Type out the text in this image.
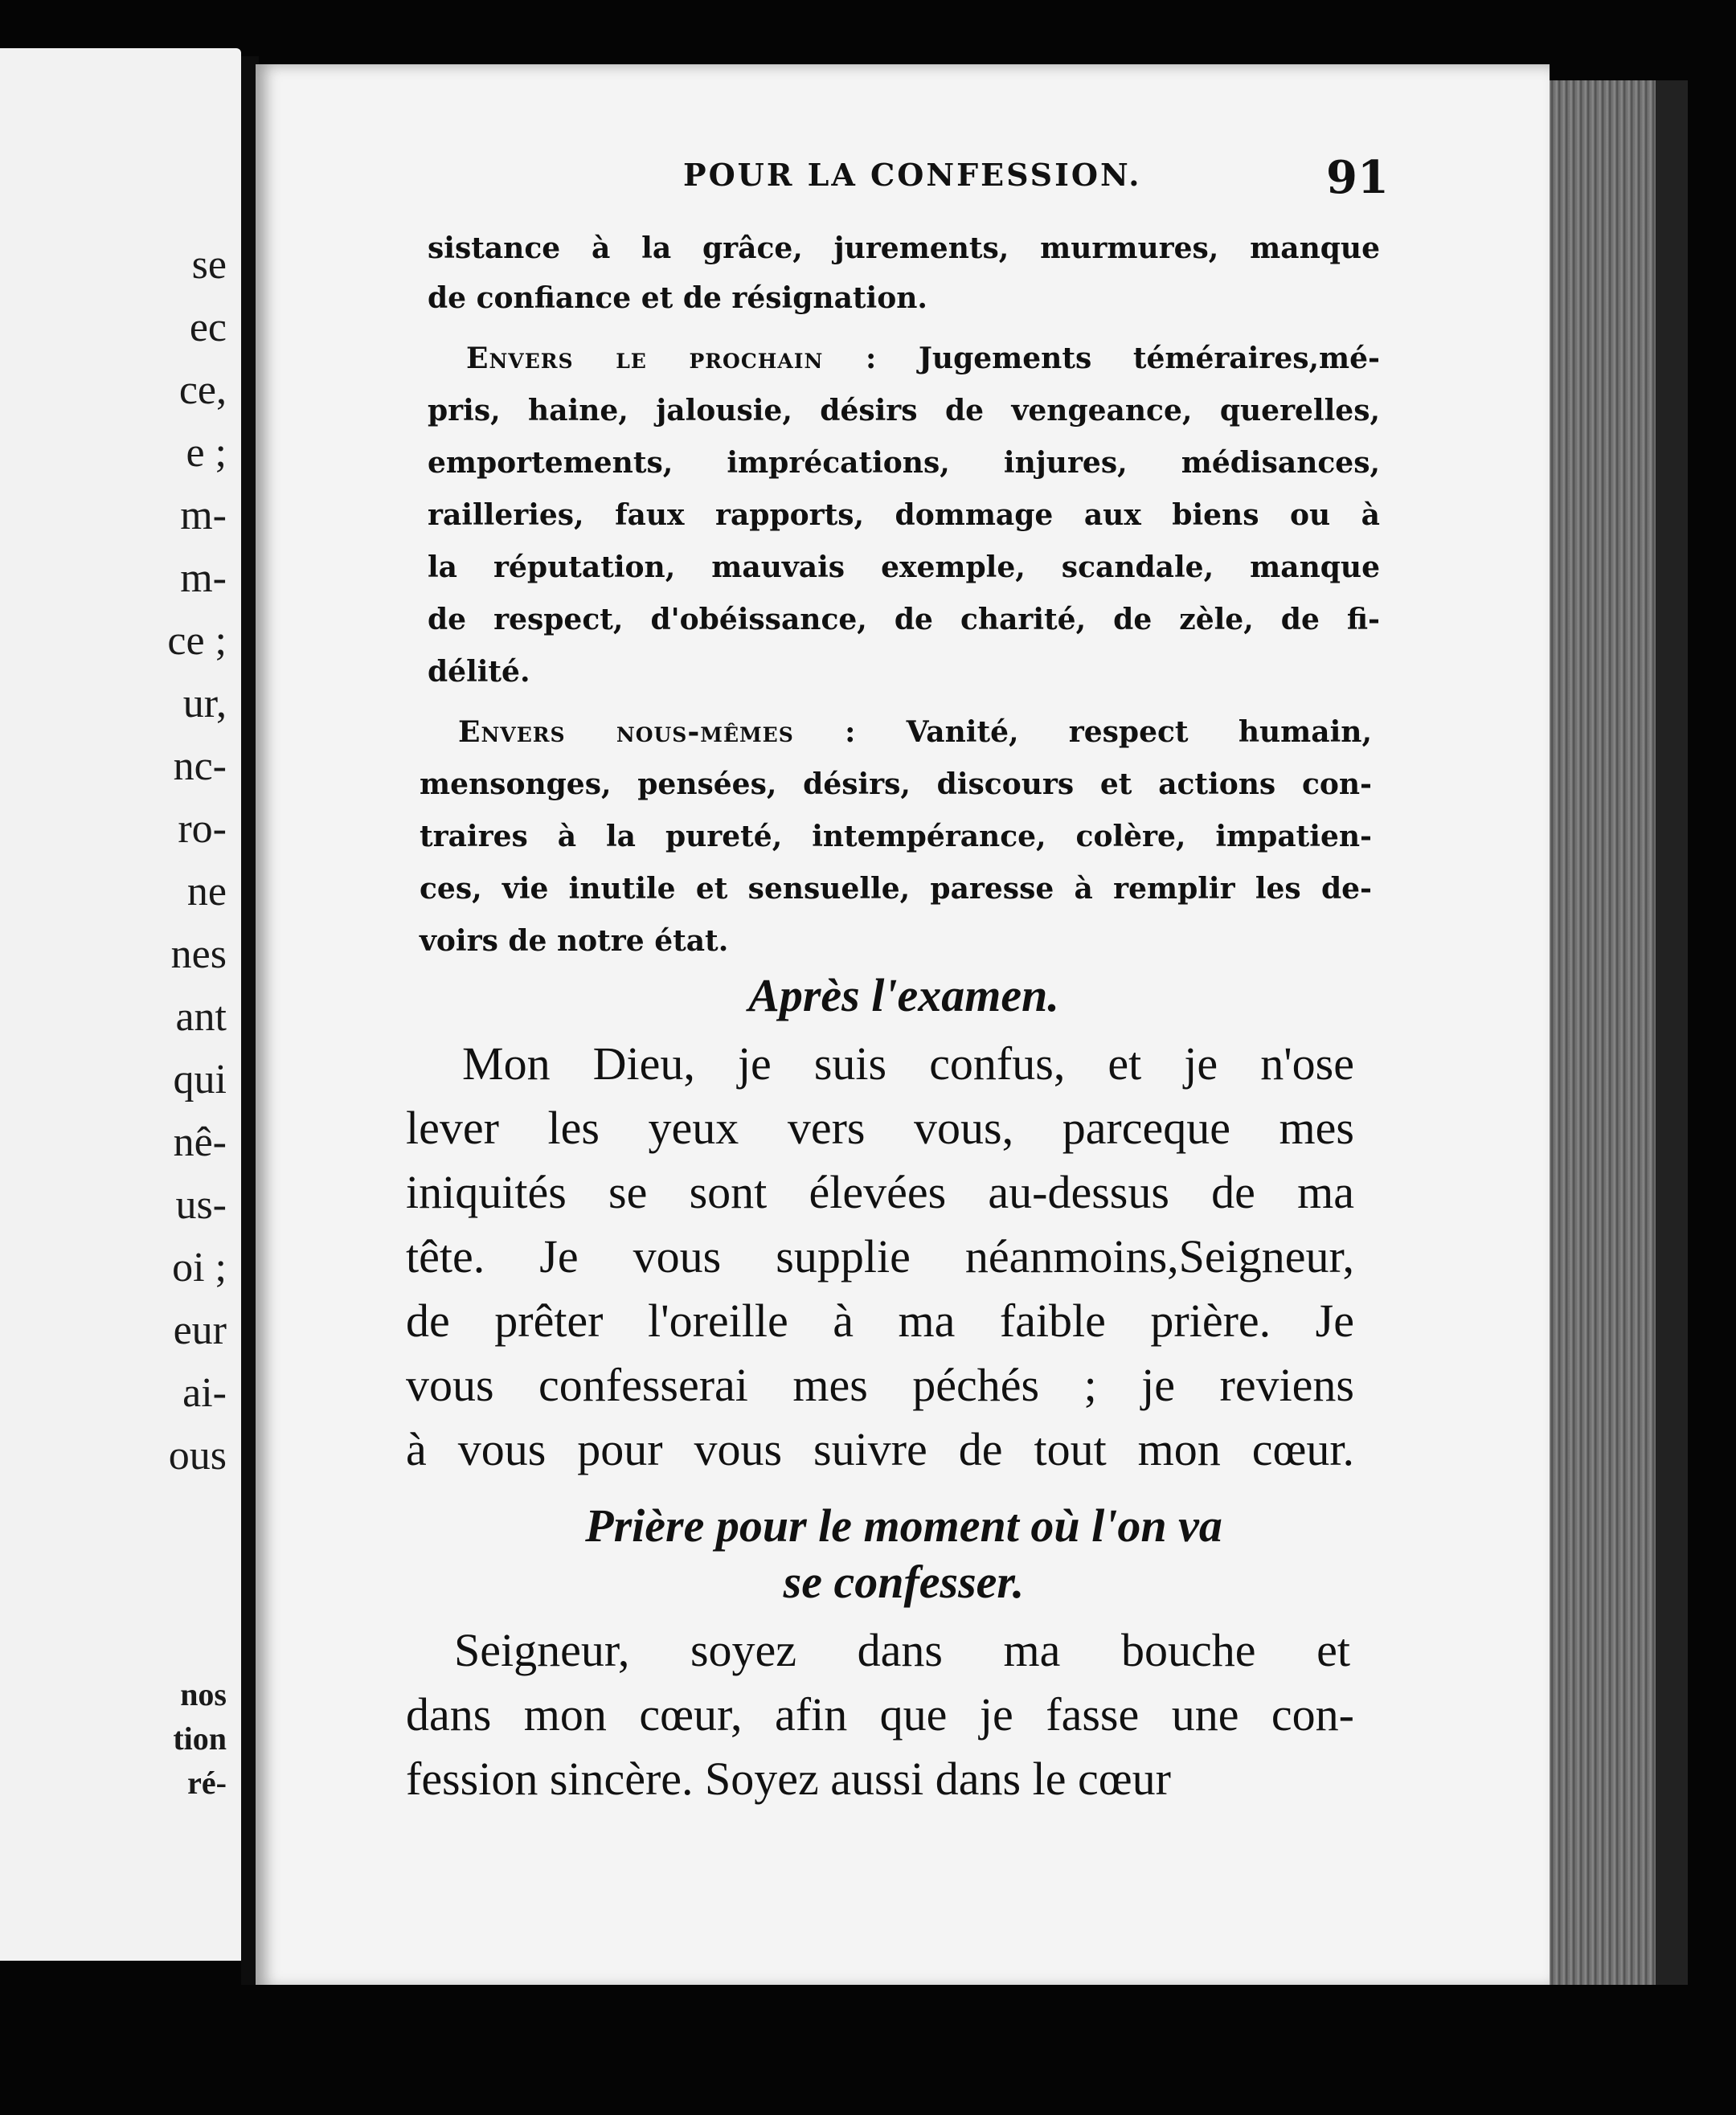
se
ec
ce,
e ;
m-
m-
ce ;
ur,
nc-
ro-
ne
nes
ant
qui
nê-
us-
oi ;
eur
ai-
ous
nos
tion
ré-
POUR LA CONFESSION.	91
sistance à la grâce, jurements, murmures, manque
de confiance et de résignation.
Envers le prochain : Jugements téméraires,mé-
pris, haine, jalousie, désirs de vengeance, querelles,
emportements, imprécations, injures, médisances,
railleries, faux rapports, dommage aux biens ou à
la réputation, mauvais exemple, scandale, manque
de respect, d'obéissance, de charité, de zèle, de fi-
délité.
Envers nous-mêmes : Vanité, respect humain,
mensonges, pensées, désirs, discours et actions con-
traires à la pureté, intempérance, colère, impatien-
ces, vie inutile et sensuelle, paresse à remplir les de-
voirs de notre état.
Après l'examen.
Mon Dieu, je suis confus, et je n'ose
lever les yeux vers vous, parceque mes
iniquités se sont élevées au-dessus de ma
tête. Je vous supplie néanmoins,Seigneur,
de prêter l'oreille à ma faible prière. Je
vous confesserai mes péchés ; je reviens
à vous pour vous suivre de tout mon cœur.
Prière pour le moment où l'on va
se confesser.
Seigneur, soyez dans ma bouche et
dans mon cœur, afin que je fasse une con-
fession sincère. Soyez aussi dans le cœur
